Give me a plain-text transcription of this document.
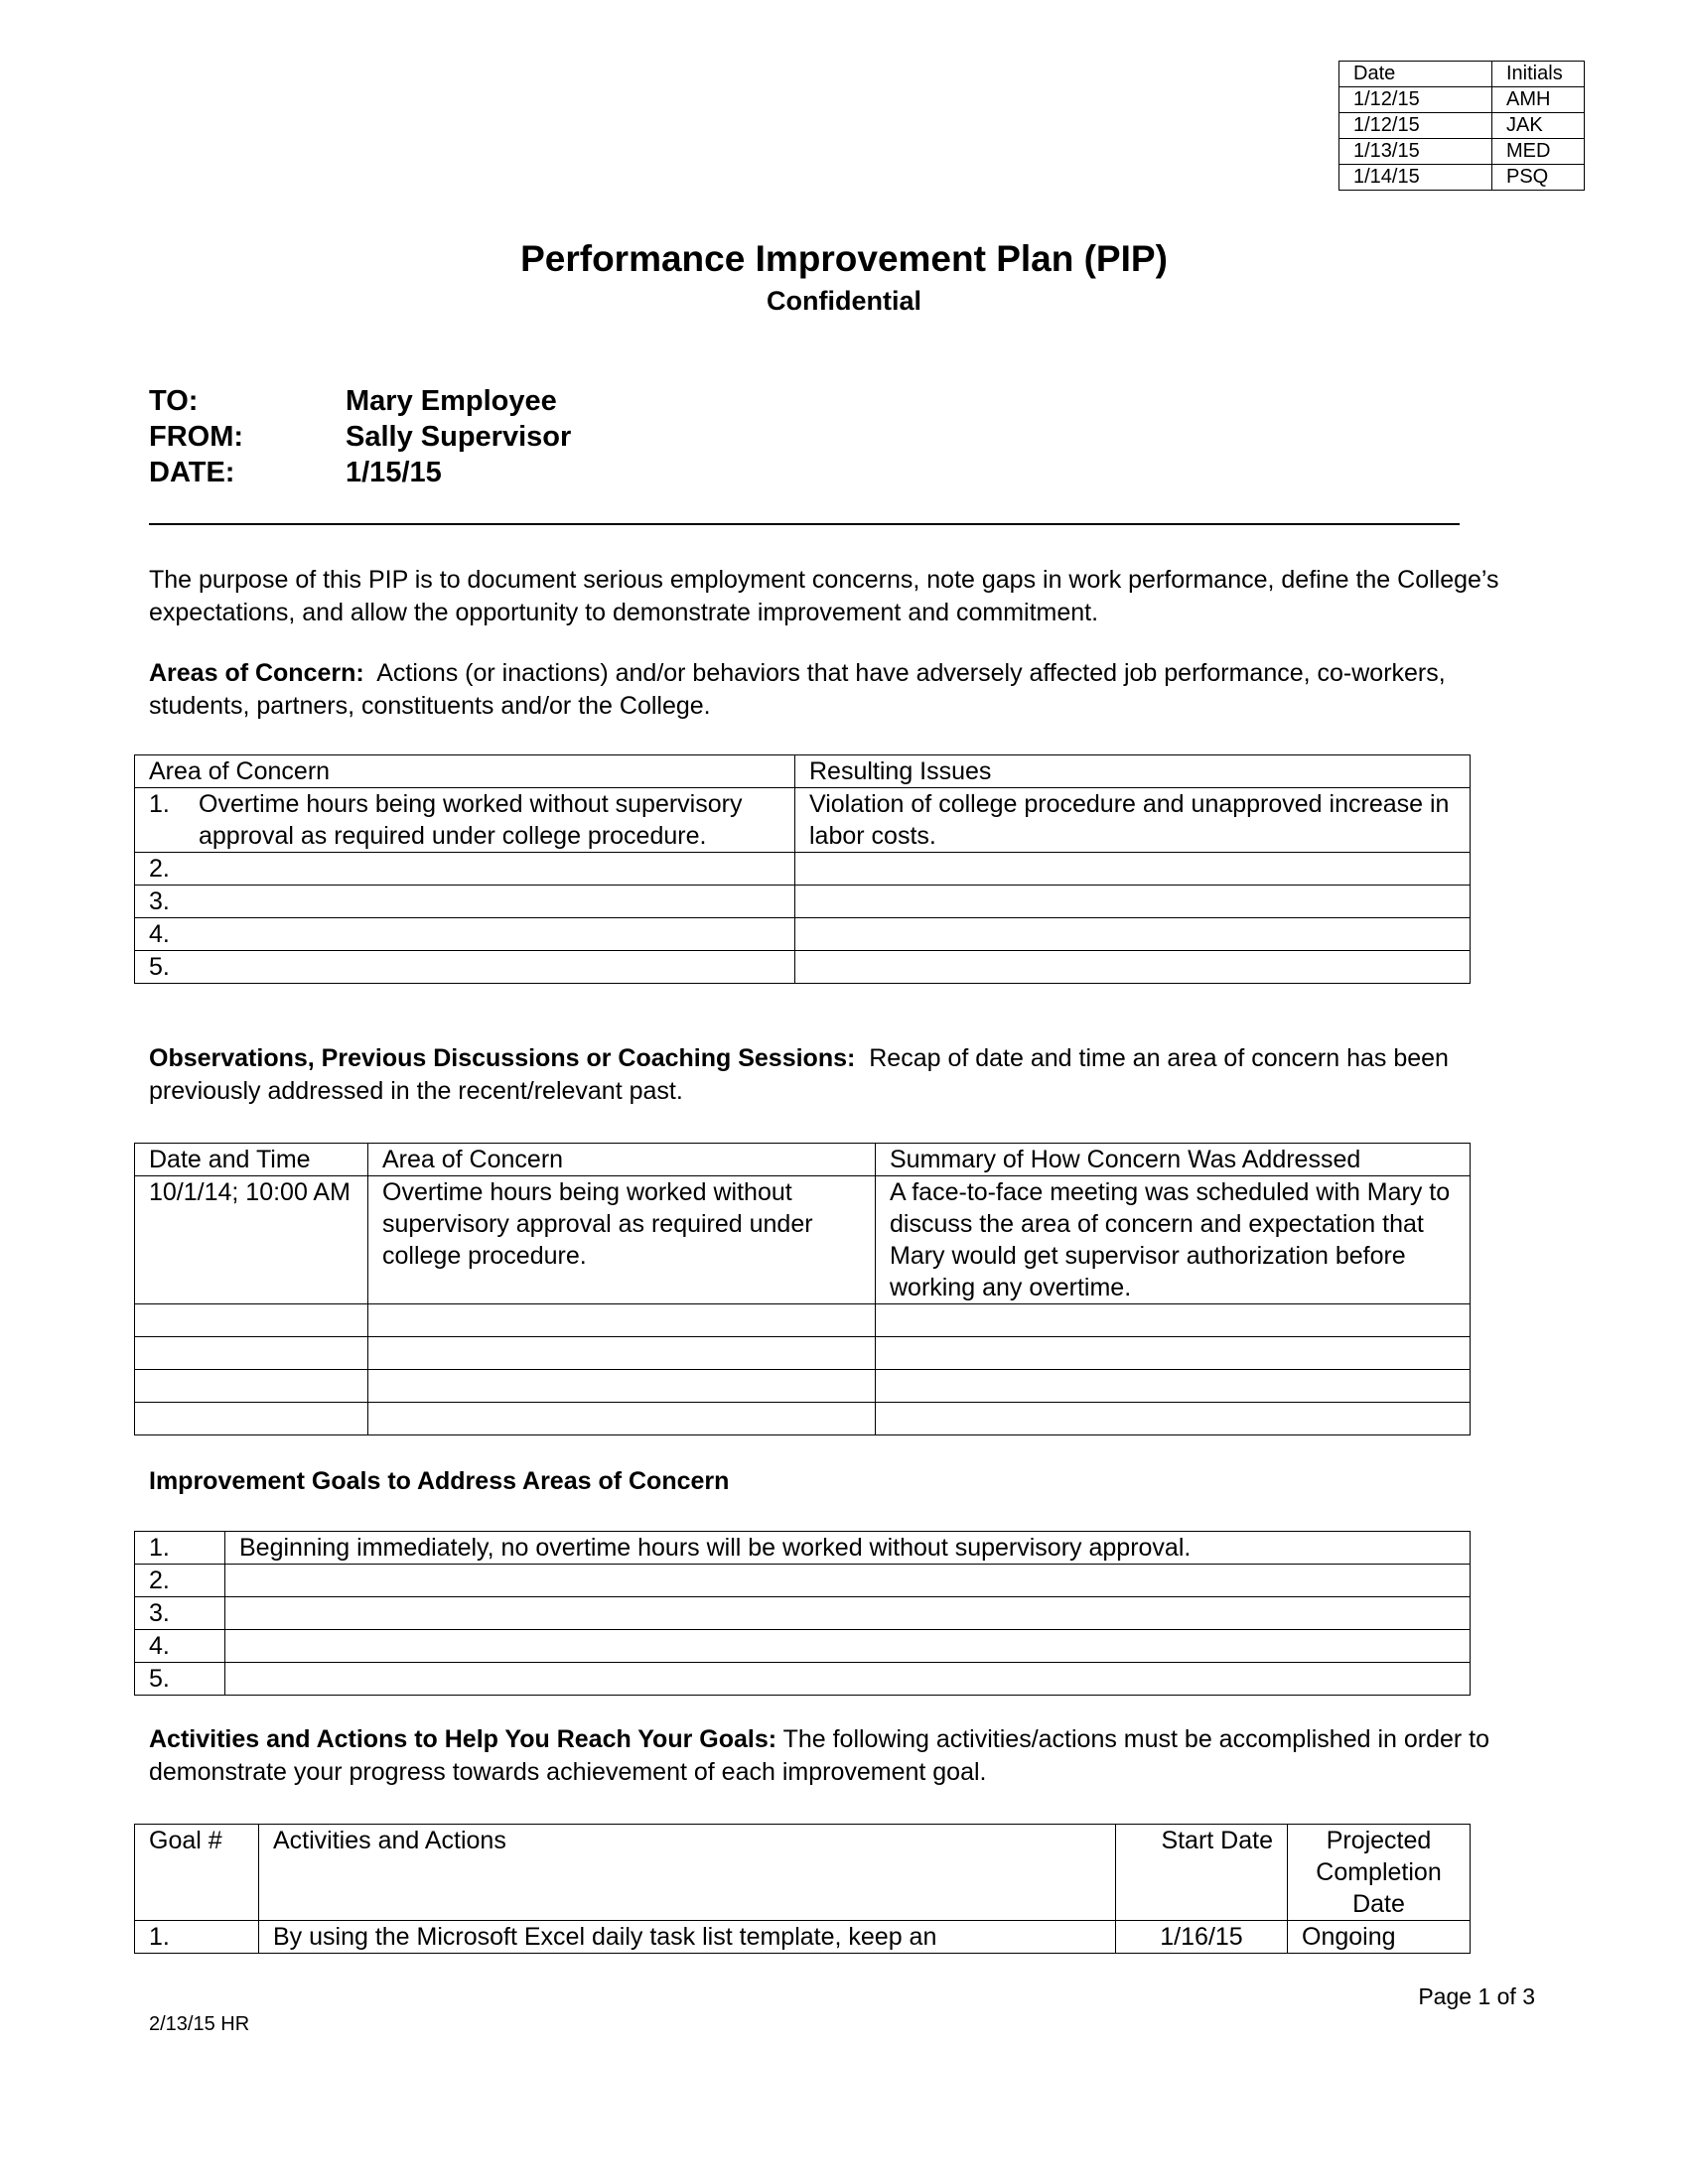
Date	Initials
1/12/15	AMH
1/12/15	JAK
1/13/15	MED
1/14/15	PSQ
Performance Improvement Plan (PIP)
Confidential
TO:	Mary Employee
FROM:	Sally Supervisor
DATE:	1/15/15
The purpose of this PIP is to document serious employment concerns, note gaps in work performance, define the College’s expectations, and allow the opportunity to demonstrate improvement and commitment.
Areas of Concern: Actions (or inactions) and/or behaviors that have adversely affected job performance, co-workers, students, partners, constituents and/or the College.
Area of Concern	Resulting Issues

1. Overtime hours being worked without supervisory approval as required under college procedure.	Violation of college procedure and unapproved increase in labor costs.
2.	
3.	
4.	
5.	
Observations, Previous Discussions or Coaching Sessions: Recap of date and time an area of concern has been previously addressed in the recent/relevant past.
Date and Time	Area of Concern	Summary of How Concern Was Addressed
10/1/14; 10:00 AM	Overtime hours being worked without supervisory approval as required under college procedure.	A face-to-face meeting was scheduled with Mary to discuss the area of concern and expectation that Mary would get supervisor authorization before working any overtime.

Improvement Goals to Address Areas of Concern
1.	Beginning immediately, no overtime hours will be worked without supervisory approval.
2.	
3.	
4.	
5.	
Activities and Actions to Help You Reach Your Goals: The following activities/actions must be accomplished in order to demonstrate your progress towards achievement of each improvement goal.
Goal #	Activities and Actions	Start Date	Projected Completion Date
1.	By using the Microsoft Excel daily task list template, keep an	1/16/15	Ongoing
Page 1 of 3
2/13/15 HR
